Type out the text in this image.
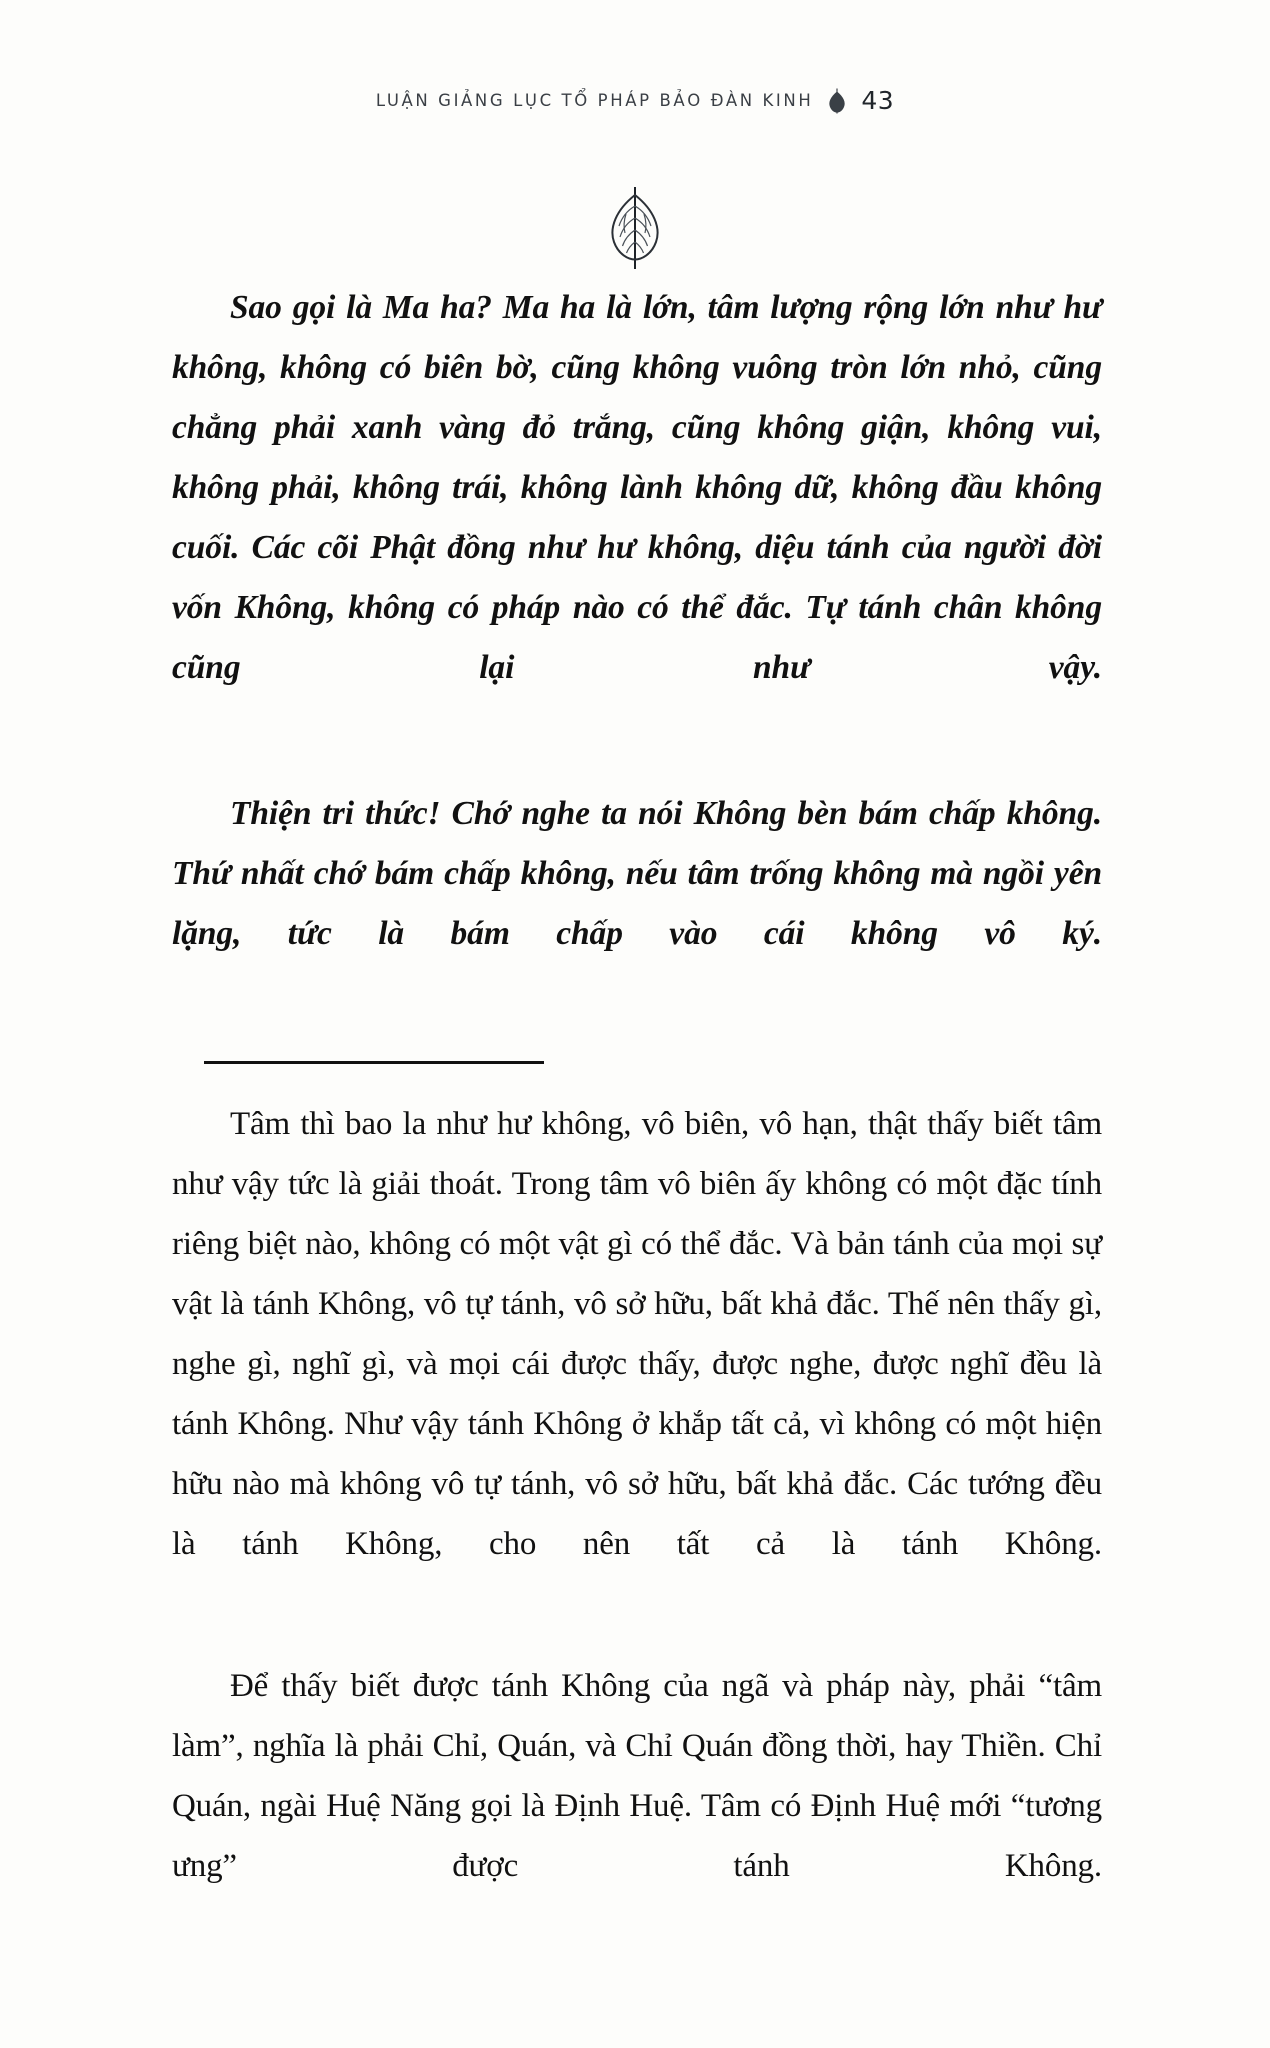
LUẬN GIẢNG LỤC TỔ PHÁP BẢO ĐÀN KINH 43

Sao gọi là Ma ha? Ma ha là lớn, tâm lượng rộng lớn như hư không, không có biên bờ, cũng không vuông tròn lớn nhỏ, cũng chẳng phải xanh vàng đỏ trắng, cũng không giận, không vui, không phải, không trái, không lành không dữ, không đầu không cuối. Các cõi Phật đồng như hư không, diệu tánh của người đời vốn Không, không có pháp nào có thể đắc. Tự tánh chân không cũng lại như vậy.

Thiện tri thức! Chớ nghe ta nói Không bèn bám chấp không. Thứ nhất chớ bám chấp không, nếu tâm trống không mà ngồi yên lặng, tức là bám chấp vào cái không vô ký.

Tâm thì bao la như hư không, vô biên, vô hạn, thật thấy biết tâm như vậy tức là giải thoát. Trong tâm vô biên ấy không có một đặc tính riêng biệt nào, không có một vật gì có thể đắc. Và bản tánh của mọi sự vật là tánh Không, vô tự tánh, vô sở hữu, bất khả đắc. Thế nên thấy gì, nghe gì, nghĩ gì, và mọi cái được thấy, được nghe, được nghĩ đều là tánh Không. Như vậy tánh Không ở khắp tất cả, vì không có một hiện hữu nào mà không vô tự tánh, vô sở hữu, bất khả đắc. Các tướng đều là tánh Không, cho nên tất cả là tánh Không.

Để thấy biết được tánh Không của ngã và pháp này, phải “tâm làm”, nghĩa là phải Chỉ, Quán, và Chỉ Quán đồng thời, hay Thiền. Chỉ Quán, ngài Huệ Năng gọi là Định Huệ. Tâm có Định Huệ mới “tương ưng” được tánh Không.
